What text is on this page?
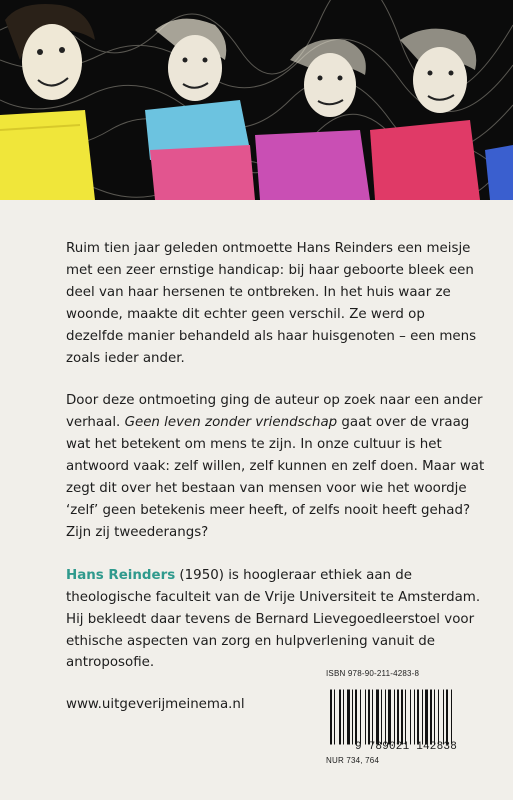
Ruim tien jaar geleden ontmoette Hans Reinders een meisje met een zeer ernstige handicap: bij haar geboorte bleek een deel van haar hersenen te ontbreken. In het huis waar ze woonde, maakte dit echter geen verschil. Ze werd op dezelfde manier behandeld als haar huisgenoten – een mens zoals ieder ander.

Door deze ontmoeting ging de auteur op zoek naar een ander verhaal. Geen leven zonder vriendschap gaat over de vraag wat het betekent om mens te zijn. In onze cultuur is het antwoord vaak: zelf willen, zelf kunnen en zelf doen. Maar wat zegt dit over het bestaan van mensen voor wie het woordje ‘zelf’ geen betekenis meer heeft, of zelfs nooit heeft gehad? Zijn zij tweederangs?

Hans Reinders (1950) is hoogleraar ethiek aan de theologische faculteit van de Vrije Universiteit te Amsterdam. Hij bekleedt daar tevens de Bernard Lievegoedleerstoel voor ethische aspecten van zorg en hulpverlening vanuit de antroposofie.

www.uitgeverijmeinema.nl
ISBN 978-90-211-4283-8
9 789021 142838
NUR 734, 764
